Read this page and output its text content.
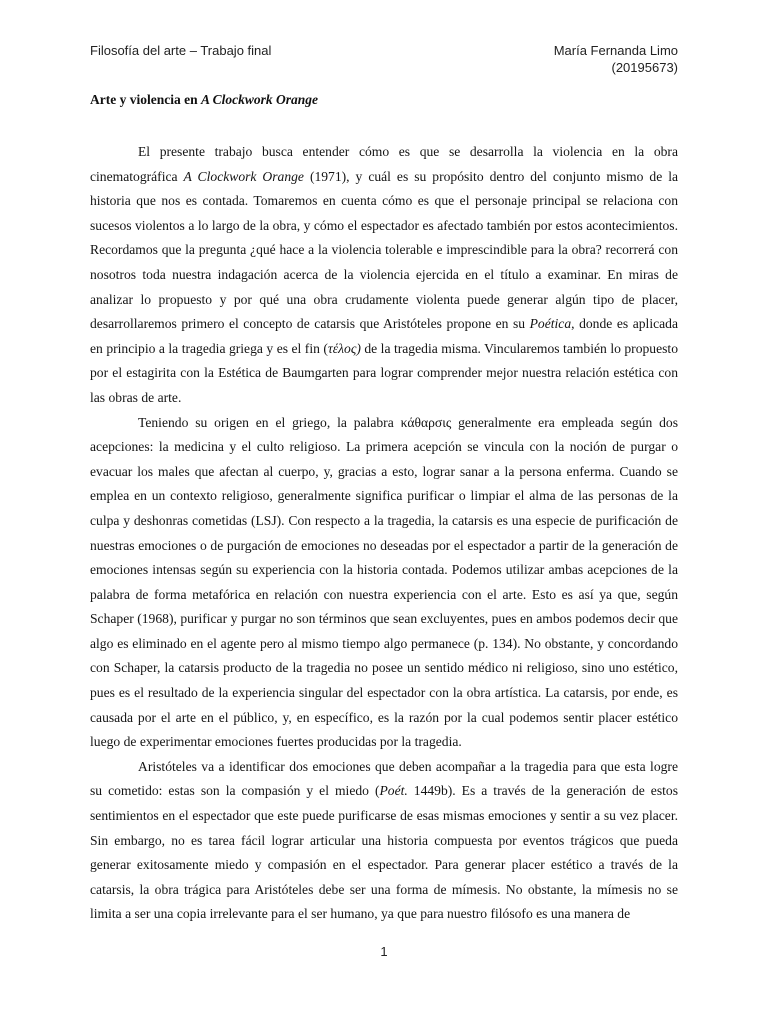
Filosofía del arte – Trabajo final	María Fernanda Limo
(20195673)
Arte y violencia en A Clockwork Orange

El presente trabajo busca entender cómo es que se desarrolla la violencia en la obra cinematográfica A Clockwork Orange (1971), y cuál es su propósito dentro del conjunto mismo de la historia que nos es contada. Tomaremos en cuenta cómo es que el personaje principal se relaciona con sucesos violentos a lo largo de la obra, y cómo el espectador es afectado también por estos acontecimientos. Recordamos que la pregunta ¿qué hace a la violencia tolerable e imprescindible para la obra? recorrerá con nosotros toda nuestra indagación acerca de la violencia ejercida en el título a examinar. En miras de analizar lo propuesto y por qué una obra crudamente violenta puede generar algún tipo de placer, desarrollaremos primero el concepto de catarsis que Aristóteles propone en su Poética, donde es aplicada en principio a la tragedia griega y es el fin (τέλος) de la tragedia misma. Vincularemos también lo propuesto por el estagirita con la Estética de Baumgarten para lograr comprender mejor nuestra relación estética con las obras de arte.

Teniendo su origen en el griego, la palabra κάθαρσις generalmente era empleada según dos acepciones: la medicina y el culto religioso. La primera acepción se vincula con la noción de purgar o evacuar los males que afectan al cuerpo, y, gracias a esto, lograr sanar a la persona enferma. Cuando se emplea en un contexto religioso, generalmente significa purificar o limpiar el alma de las personas de la culpa y deshonras cometidas (LSJ). Con respecto a la tragedia, la catarsis es una especie de purificación de nuestras emociones o de purgación de emociones no deseadas por el espectador a partir de la generación de emociones intensas según su experiencia con la historia contada. Podemos utilizar ambas acepciones de la palabra de forma metafórica en relación con nuestra experiencia con el arte. Esto es así ya que, según Schaper (1968), purificar y purgar no son términos que sean excluyentes, pues en ambos podemos decir que algo es eliminado en el agente pero al mismo tiempo algo permanece (p. 134). No obstante, y concordando con Schaper, la catarsis producto de la tragedia no posee un sentido médico ni religioso, sino uno estético, pues es el resultado de la experiencia singular del espectador con la obra artística. La catarsis, por ende, es causada por el arte en el público, y, en específico, es la razón por la cual podemos sentir placer estético luego de experimentar emociones fuertes producidas por la tragedia.

Aristóteles va a identificar dos emociones que deben acompañar a la tragedia para que esta logre su cometido: estas son la compasión y el miedo (Poét. 1449b). Es a través de la generación de estos sentimientos en el espectador que este puede purificarse de esas mismas emociones y sentir a su vez placer. Sin embargo, no es tarea fácil lograr articular una historia compuesta por eventos trágicos que pueda generar exitosamente miedo y compasión en el espectador. Para generar placer estético a través de la catarsis, la obra trágica para Aristóteles debe ser una forma de mímesis. No obstante, la mímesis no se limita a ser una copia irrelevante para el ser humano, ya que para nuestro filósofo es una manera de

1
